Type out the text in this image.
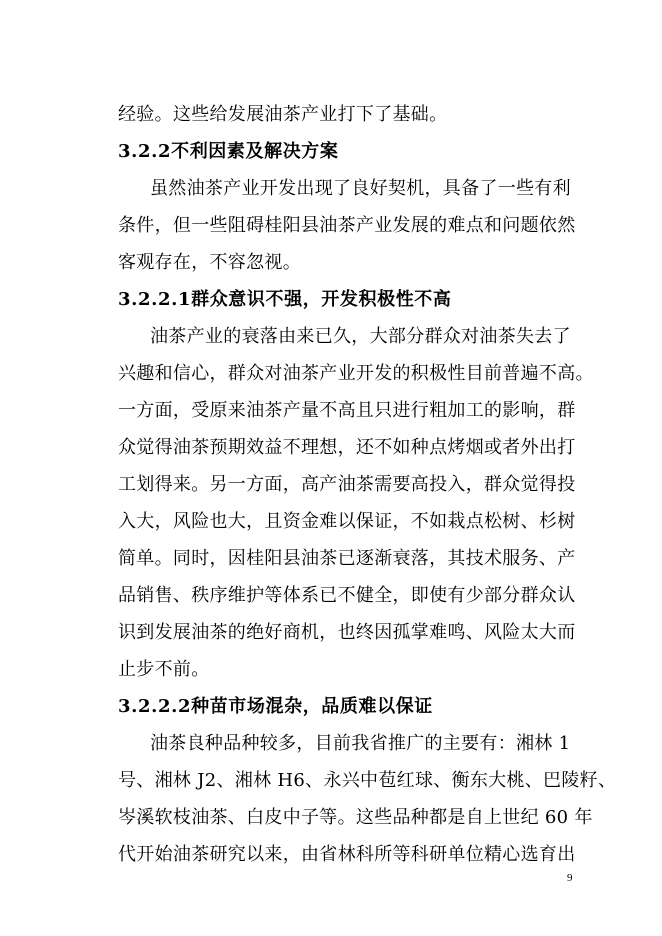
经验。这些给发展油茶产业打下了基础。
3.2.2不利因素及解决方案
虽然油茶产业开发出现了良好契机，具备了一些有利
条件，但一些阻碍桂阳县油茶产业发展的难点和问题依然
客观存在，不容忽视。
3.2.2.1群众意识不强，开发积极性不高
油茶产业的衰落由来已久，大部分群众对油茶失去了
兴趣和信心，群众对油茶产业开发的积极性目前普遍不高。
一方面，受原来油茶产量不高且只进行粗加工的影响，群
众觉得油茶预期效益不理想，还不如种点烤烟或者外出打
工划得来。另一方面，高产油茶需要高投入，群众觉得投
入大，风险也大，且资金难以保证，不如栽点松树、杉树
简单。同时，因桂阳县油茶已逐渐衰落，其技术服务、产
品销售、秩序维护等体系已不健全，即使有少部分群众认
识到发展油茶的绝好商机，也终因孤掌难鸣、风险太大而
止步不前。
3.2.2.2种苗市场混杂，品质难以保证
油茶良种品种较多，目前我省推广的主要有：湘林 1
号、湘林 J2、湘林 H6、永兴中苞红球、衡东大桃、巴陵籽、
岑溪软枝油茶、白皮中子等。这些品种都是自上世纪 60 年
代开始油茶研究以来，由省林科所等科研单位精心选育出
9
